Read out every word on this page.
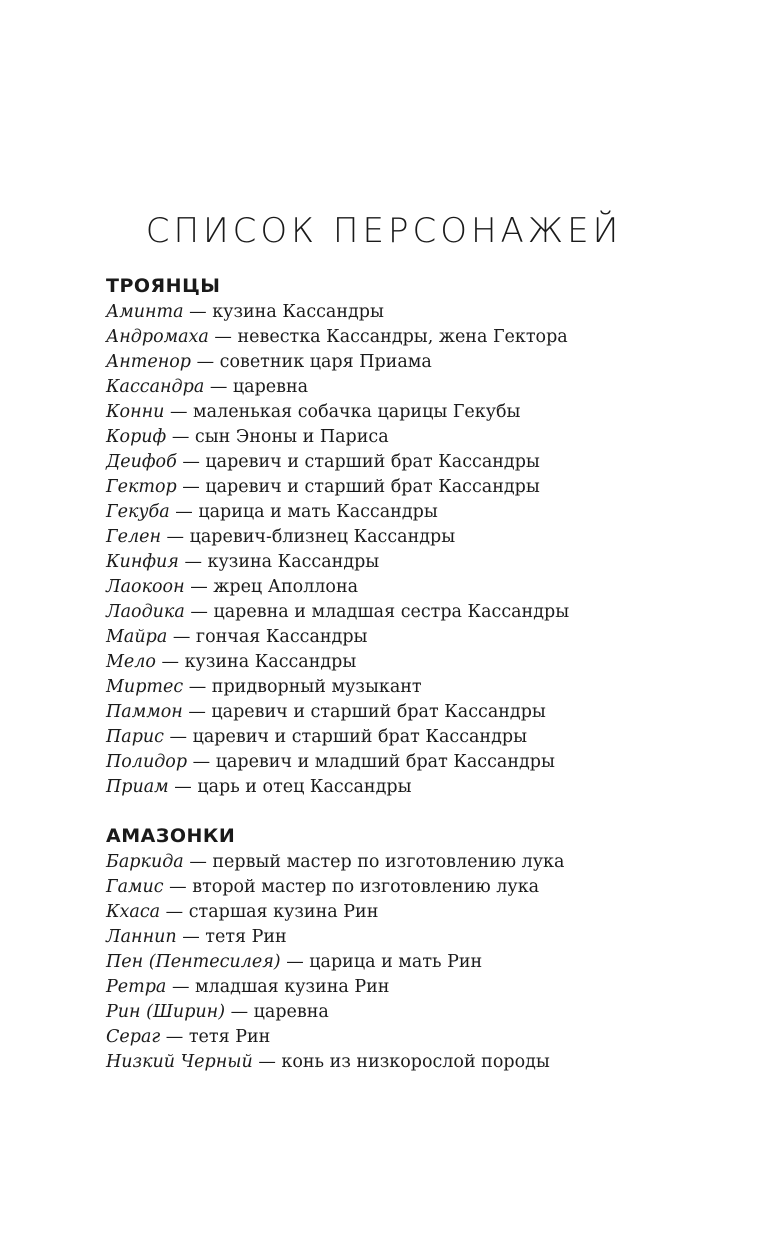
СПИСОК ПЕРСОНАЖЕЙ
ТРОЯНЦЫ
Аминта — кузина Кассандры
Андромаха — невестка Кассандры, жена Гектора
Антенор — советник царя Приама
Кассандра — царевна
Конни — маленькая собачка царицы Гекубы
Кориф — сын Эноны и Париса
Деифоб — царевич и старший брат Кассандры
Гектор — царевич и старший брат Кассандры
Гекуба — царица и мать Кассандры
Гелен — царевич-близнец Кассандры
Кинфия — кузина Кассандры
Лаокоон — жрец Аполлона
Лаодика — царевна и младшая сестра Кассандры
Майра — гончая Кассандры
Мело — кузина Кассандры
Миртес — придворный музыкант
Паммон — царевич и старший брат Кассандры
Парис — царевич и старший брат Кассандры
Полидор — царевич и младший брат Кассандры
Приам — царь и отец Кассандры
АМАЗОНКИ
Баркида — первый мастер по изготовлению лука
Гамис — второй мастер по изготовлению лука
Кхаса — старшая кузина Рин
Ланнип — тетя Рин
Пен (Пентесилея) — царица и мать Рин
Ретра — младшая кузина Рин
Рин (Ширин) — царевна
Сераг — тетя Рин
Низкий Черный — конь из низкорослой породы
